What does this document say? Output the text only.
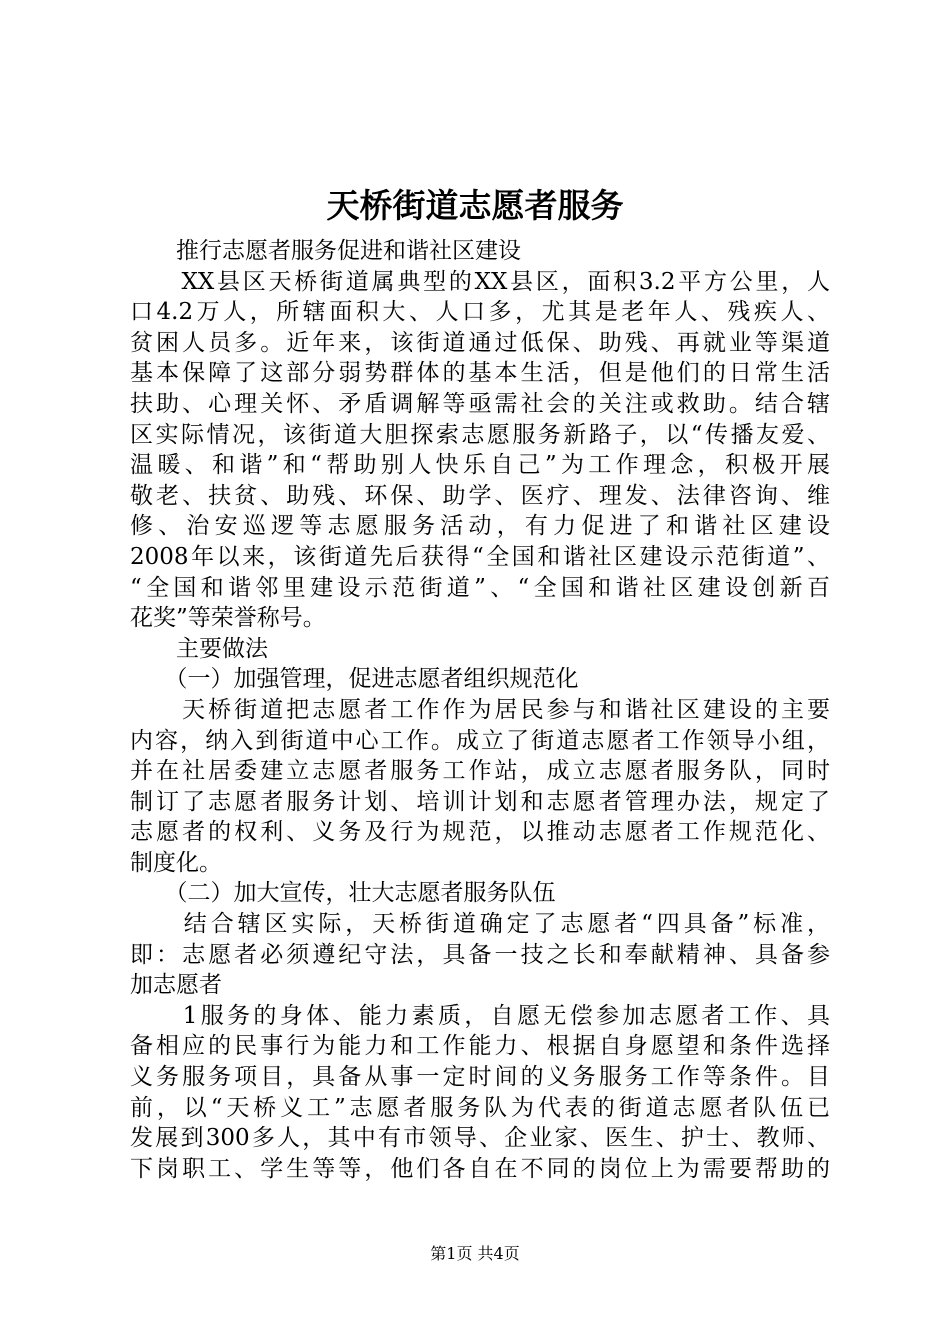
天桥街道志愿者服务
　　推行志愿者服务促进和谐社区建设
　　XX县区天桥街道属典型的XX县区，面积3.2平方公里，人
口4.2万人，所辖面积大、人口多，尤其是老年人、残疾人、
贫困人员多。近年来，该街道通过低保、助残、再就业等渠道
基本保障了这部分弱势群体的基本生活，但是他们的日常生活
扶助、心理关怀、矛盾调解等亟需社会的关注或救助。结合辖
区实际情况，该街道大胆探索志愿服务新路子，以“传播友爱、
温暖、和谐”和“帮助别人快乐自己”为工作理念，积极开展
敬老、扶贫、助残、环保、助学、医疗、理发、法律咨询、维
修、治安巡逻等志愿服务活动，有力促进了和谐社区建设
2008年以来，该街道先后获得“全国和谐社区建设示范街道”、
“全国和谐邻里建设示范街道”、“全国和谐社区建设创新百
花奖”等荣誉称号。
　　主要做法
　　（一）加强管理，促进志愿者组织规范化
　　天桥街道把志愿者工作作为居民参与和谐社区建设的主要
内容，纳入到街道中心工作。成立了街道志愿者工作领导小组，
并在社居委建立志愿者服务工作站，成立志愿者服务队，同时
制订了志愿者服务计划、培训计划和志愿者管理办法，规定了
志愿者的权利、义务及行为规范，以推动志愿者工作规范化、
制度化。
　　（二）加大宣传，壮大志愿者服务队伍
　　结合辖区实际，天桥街道确定了志愿者“四具备”标准，
即：志愿者必须遵纪守法，具备一技之长和奉献精神、具备参
加志愿者
　　1服务的身体、能力素质，自愿无偿参加志愿者工作、具
备相应的民事行为能力和工作能力、根据自身愿望和条件选择
义务服务项目，具备从事一定时间的义务服务工作等条件。目
前，以“天桥义工”志愿者服务队为代表的街道志愿者队伍已
发展到300多人，其中有市领导、企业家、医生、护士、教师、
下岗职工、学生等等，他们各自在不同的岗位上为需要帮助的
第1页 共4页
